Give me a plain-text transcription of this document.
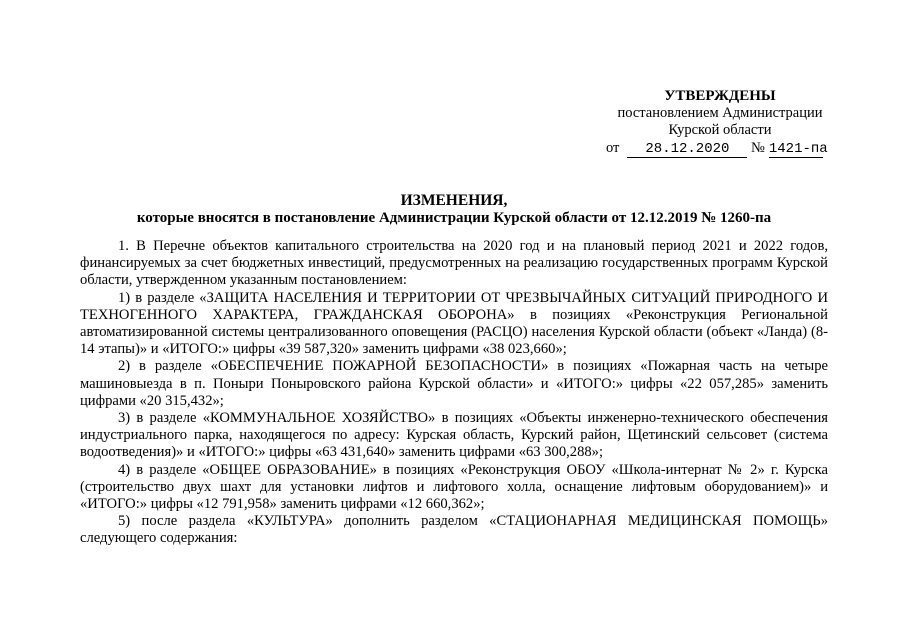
УТВЕРЖДЕНЫ
постановлением Администрации
Курской области
от 28.12.2020 № 1421-па
ИЗМЕНЕНИЯ,
которые вносятся в постановление Администрации Курской области от 12.12.2019 № 1260-па

1. В Перечне объектов капитального строительства на 2020 год и на плановый период 2021 и 2022 годов, финансируемых за счет бюджетных инвестиций, предусмотренных на реализацию государственных программ Курской области, утвержденном указанным постановлением:

1) в разделе «ЗАЩИТА НАСЕЛЕНИЯ И ТЕРРИТОРИИ ОТ ЧРЕЗВЫЧАЙНЫХ СИТУАЦИЙ ПРИРОДНОГО И ТЕХНОГЕННОГО ХАРАКТЕРА, ГРАЖДАНСКАЯ ОБОРОНА» в позициях «Реконструкция Региональной автоматизированной системы централизованного оповещения (РАСЦО) населения Курской области (объект «Ланда) (8-14 этапы)» и «ИТОГО:» цифры «39 587,320» заменить цифрами «38 023,660»;

2) в разделе «ОБЕСПЕЧЕНИЕ ПОЖАРНОЙ БЕЗОПАСНОСТИ» в позициях «Пожарная часть на четыре машиновыезда в п. Поныри Поныровского района Курской области» и «ИТОГО:» цифры «22 057,285» заменить цифрами «20 315,432»;

3) в разделе «КОММУНАЛЬНОЕ ХОЗЯЙСТВО» в позициях «Объекты инженерно-технического обеспечения индустриального парка, находящегося по адресу: Курская область, Курский район, Щетинский сельсовет (система водоотведения)» и «ИТОГО:» цифры «63 431,640» заменить цифрами «63 300,288»;

4) в разделе «ОБЩЕЕ ОБРАЗОВАНИЕ» в позициях «Реконструкция ОБОУ «Школа-интернат № 2» г. Курска (строительство двух шахт для установки лифтов и лифтового холла, оснащение лифтовым оборудованием)» и «ИТОГО:» цифры «12 791,958» заменить цифрами «12 660,362»;

5) после раздела «КУЛЬТУРА» дополнить разделом «СТАЦИОНАРНАЯ МЕДИЦИНСКАЯ ПОМОЩЬ» следующего содержания:
